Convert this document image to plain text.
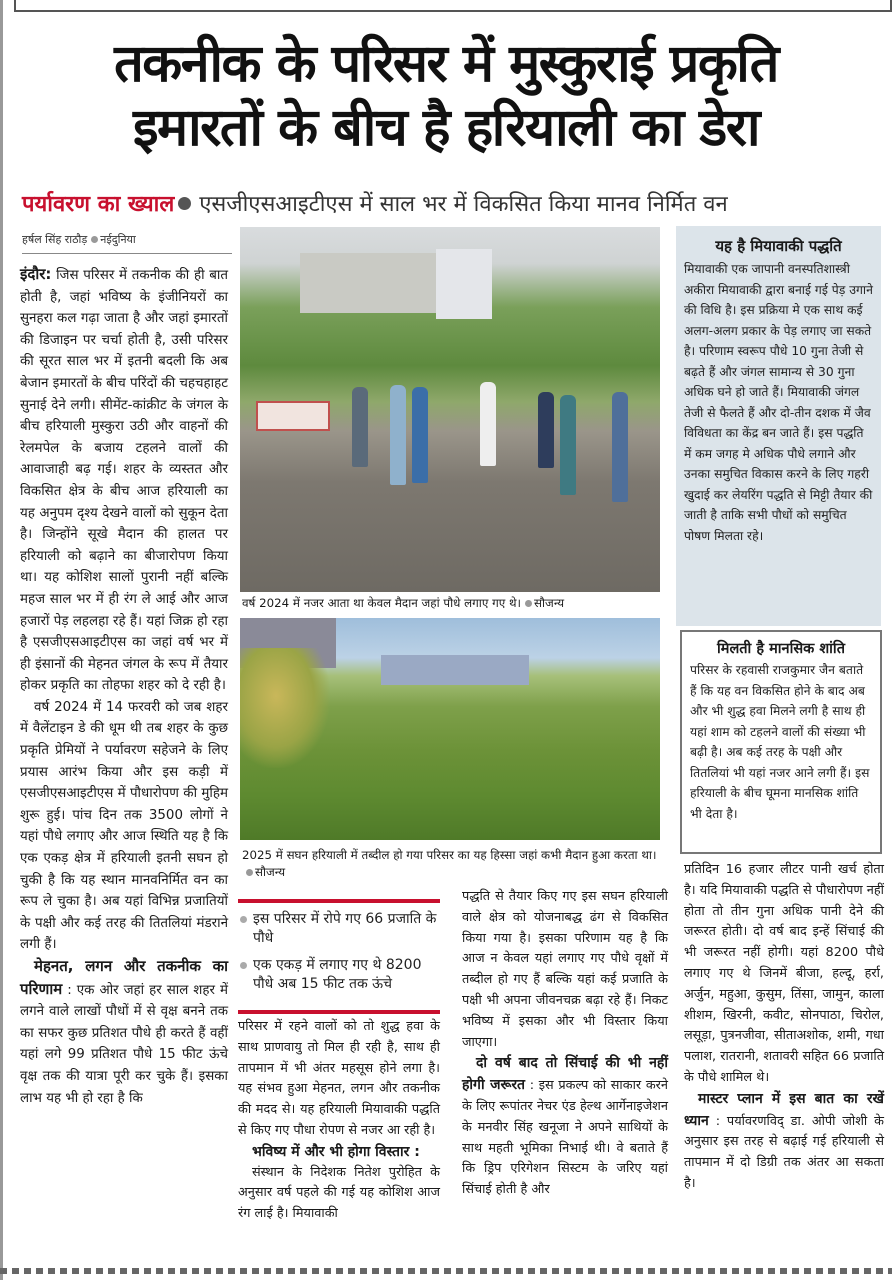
तकनीक के परिसर में मुस्कुराई प्रकृति
इमारतों के बीच है हरियाली का डेरा
पर्यावरण का ख्याल एसजीएसआइटीएस में साल भर में विकसित किया मानव निर्मित वन
हर्षल सिंह राठौड़ नईदुनिया

इंदौर: जिस परिसर में तकनीक की ही बात होती है, जहां भविष्य के इंजीनियरों का सुनहरा कल गढ़ा जाता है और जहां इमारतों की डिजाइन पर चर्चा होती है, उसी परिसर की सूरत साल भर में इतनी बदली कि अब बेजान इमारतों के बीच परिंदों की चहचहाहट सुनाई देने लगी। सीमेंट-कांक्रीट के जंगल के बीच हरियाली मुस्कुरा उठी और वाहनों की रेलमपेल के बजाय टहलने वालों की आवाजाही बढ़ गई। शहर के व्यस्तत और विकसित क्षेत्र के बीच आज हरियाली का यह अनुपम दृश्य देखने वालों को सुकून देता है। जिन्होंने सूखे मैदान की हालत पर हरियाली को बढ़ाने का बीजारोपण किया था। यह कोशिश सालों पुरानी नहीं बल्कि महज साल भर में ही रंग ले आई और आज हजारों पेड़ लहलहा रहे हैं। यहां जिक्र हो रहा है एसजीएसआइटीएस का जहां वर्ष भर में ही इंसानों की मेहनत जंगल के रूप में तैयार होकर प्रकृति का तोहफा शहर को दे रही है।

वर्ष 2024 में 14 फरवरी को जब शहर में वैलेंटाइन डे की धूम थी तब शहर के कुछ प्रकृति प्रेमियों ने पर्यावरण सहेजने के लिए प्रयास आरंभ किया और इस कड़ी में एसजीएसआइटीएस में पौधारोपण की मुहिम शुरू हुई। पांच दिन तक 3500 लोगों ने यहां पौधे लगाए और आज स्थिति यह है कि एक एकड़ क्षेत्र में हरियाली इतनी सघन हो चुकी है कि यह स्थान मानवनिर्मित वन का रूप ले चुका है। अब यहां विभिन्न प्रजातियों के पक्षी और कई तरह की तितलियां मंडराने लगी हैं।

मेहनत, लगन और तकनीक का परिणाम : एक ओर जहां हर साल शहर में लगने वाले लाखों पौधों में से वृक्ष बनने तक का सफर कुछ प्रतिशत पौधे ही करते हैं वहीं यहां लगे 99 प्रतिशत पौधे 15 फीट ऊंचे वृक्ष तक की यात्रा पूरी कर चुके हैं। इसका लाभ यह भी हो रहा है कि

वर्ष 2024 में नजर आता था केवल मैदान जहां पौधे लगाए गए थे। सौजन्य
2025 में सघन हरियाली में तब्दील हो गया परिसर का यह हिस्सा जहां कभी मैदान हुआ करता था।सौजन्य
इस परिसर में रोपे गए 66 प्रजाति के पौधे
एक एकड़ में लगाए गए थे 8200 पौधे अब 15 फीट तक ऊंचे

परिसर में रहने वालों को तो शुद्ध हवा के साथ प्राणवायु तो मिल ही रही है, साथ ही तापमान में भी अंतर महसूस होने लगा है। यह संभव हुआ मेहनत, लगन और तकनीक की मदद से। यह हरियाली मियावाकी पद्धति से किए गए पौधा रोपण से नजर आ रही है।

भविष्य में और भी होगा विस्तार :

संस्थान के निदेशक नितेश पुरोहित के अनुसार वर्ष पहले की गई यह कोशिश आज रंग लाई है। मियावाकी

पद्धति से तैयार किए गए इस सघन हरियाली वाले क्षेत्र को योजनाबद्ध ढंग से विकसित किया गया है। इसका परिणाम यह है कि आज न केवल यहां लगाए गए पौधे वृक्षों में तब्दील हो गए हैं बल्कि यहां कई प्रजाति के पक्षी भी अपना जीवनचक्र बढ़ा रहे हैं। निकट भविष्य में इसका और भी विस्तार किया जाएगा।

दो वर्ष बाद तो सिंचाई की भी नहीं होगी जरूरत : इस प्रकल्प को साकार करने के लिए रूपांतर नेचर एंड हेल्थ आर्गेनाइजेशन के मनवीर सिंह खनूजा ने अपने साथियों के साथ महती भूमिका निभाई थी। वे बताते हैं कि ड्रिप एरिगेशन सिस्टम के जरिए यहां सिंचाई होती है और

यह है मियावाकी पद्धति
मियावाकी एक जापानी वनस्पतिशास्त्री अकीरा मियावाकी द्वारा बनाई गई पेड़ उगाने की विधि है। इस प्रक्रिया मे एक साथ कई अलग-अलग प्रकार के पेड़ लगाए जा सकते है। परिणाम स्वरूप पौधे 10 गुना तेजी से बढ़ते हैं और जंगल सामान्य से 30 गुना अधिक घने हो जाते हैं। मियावाकी जंगल तेजी से फैलते हैं और दो-तीन दशक में जैव विविधता का केंद्र बन जाते हैं। इस पद्धति में कम जगह मे अधिक पौधे लगाने और उनका समुचित विकास करने के लिए गहरी खुदाई कर लेयरिंग पद्धति से मिट्टी तैयार की जाती है ताकि सभी पौधों को समुचित पोषण मिलता रहे।
मिलती है मानसिक शांति
परिसर के रहवासी राजकुमार जैन बताते हैं कि यह वन विकसित होने के बाद अब और भी शुद्ध हवा मिलने लगी है साथ ही यहां शाम को टहलने वालों की संख्या भी बढ़ी है। अब कई तरह के पक्षी और तितलियां भी यहां नजर आने लगी हैं। इस हरियाली के बीच घूमना मानसिक शांति भी देता है।

प्रतिदिन 16 हजार लीटर पानी खर्च होता है। यदि मियावाकी पद्धति से पौधारोपण नहीं होता तो तीन गुना अधिक पानी देने की जरूरत होती। दो वर्ष बाद इन्हें सिंचाई की भी जरूरत नहीं होगी। यहां 8200 पौधे लगाए गए थे जिनमें बीजा, हल्दू, हर्रा, अर्जुन, महुआ, कुसुम, तिंसा, जामुन, काला शीशम, खिरनी, कवीट, सोनपाठा, चिरोल, लसूड़ा, पुत्रनजीवा, सीताअशोक, शमी, गधा पलाश, रातरानी, शतावरी सहित 66 प्रजाति के पौधे शामिल थे।

मास्टर प्लान में इस बात का रखें ध्यान : पर्यावरणविद् डा. ओपी जोशी के अनुसार इस तरह से बढ़ाई गई हरियाली से तापमान में दो डिग्री तक अंतर आ सकता है।
